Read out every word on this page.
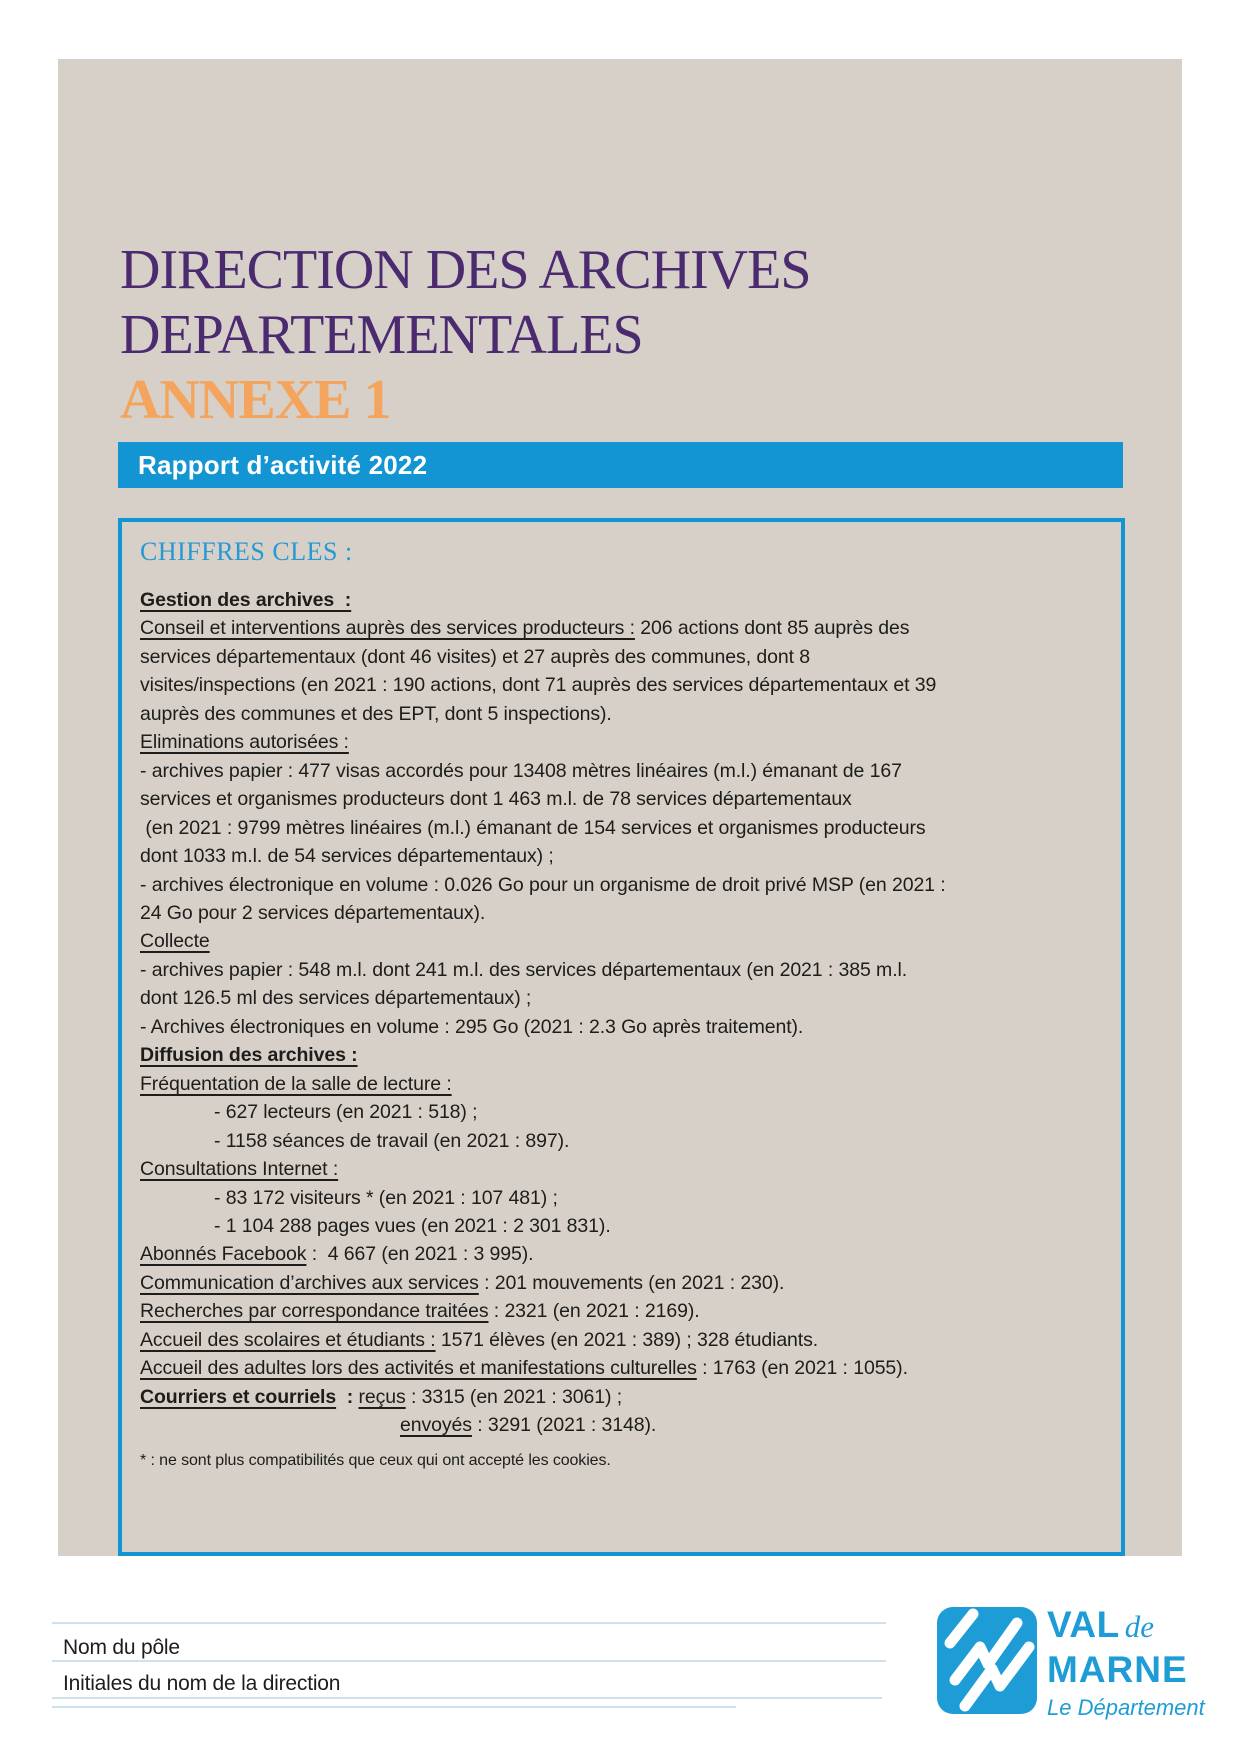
DIRECTION DES ARCHIVES
DEPARTEMENTALES
ANNEXE 1
Rapport d’activité 2022
CHIFFRES CLES :
Gestion des archives  :
Conseil et interventions auprès des services producteurs : 206 actions dont 85 auprès des
services départementaux (dont 46 visites) et 27 auprès des communes, dont 8
visites/inspections (en 2021 : 190 actions, dont 71 auprès des services départementaux et 39
auprès des communes et des EPT, dont 5 inspections).
Eliminations autorisées :
- archives papier : 477 visas accordés pour 13408 mètres linéaires (m.l.) émanant de 167
services et organismes producteurs dont 1 463 m.l. de 78 services départementaux
(en 2021 : 9799 mètres linéaires (m.l.) émanant de 154 services et organismes producteurs
dont 1033 m.l. de 54 services départementaux) ;
- archives électronique en volume : 0.026 Go pour un organisme de droit privé MSP (en 2021 :
24 Go pour 2 services départementaux).
Collecte
- archives papier : 548 m.l. dont 241 m.l. des services départementaux (en 2021 : 385 m.l.
dont 126.5 ml des services départementaux) ;
- Archives électroniques en volume : 295 Go (2021 : 2.3 Go après traitement).
Diffusion des archives :
Fréquentation de la salle de lecture :
- 627 lecteurs (en 2021 : 518) ;
- 1158 séances de travail (en 2021 : 897).
Consultations Internet :
- 83 172 visiteurs * (en 2021 : 107 481) ;
- 1 104 288 pages vues (en 2021 : 2 301 831).
Abonnés Facebook :  4 667 (en 2021 : 3 995).
Communication d’archives aux services : 201 mouvements (en 2021 : 230).
Recherches par correspondance traitées : 2321 (en 2021 : 2169).
Accueil des scolaires et étudiants : 1571 élèves (en 2021 : 389) ; 328 étudiants.
Accueil des adultes lors des activités et manifestations culturelles : 1763 (en 2021 : 1055).
Courriers et courriels  : reçus : 3315 (en 2021 : 3061) ;
envoyés : 3291 (2021 : 3148).
* : ne sont plus compatibilités que ceux qui ont accepté les cookies.
Nom du pôle
Initiales du nom de la direction
VAL de
MARNE
Le Département
